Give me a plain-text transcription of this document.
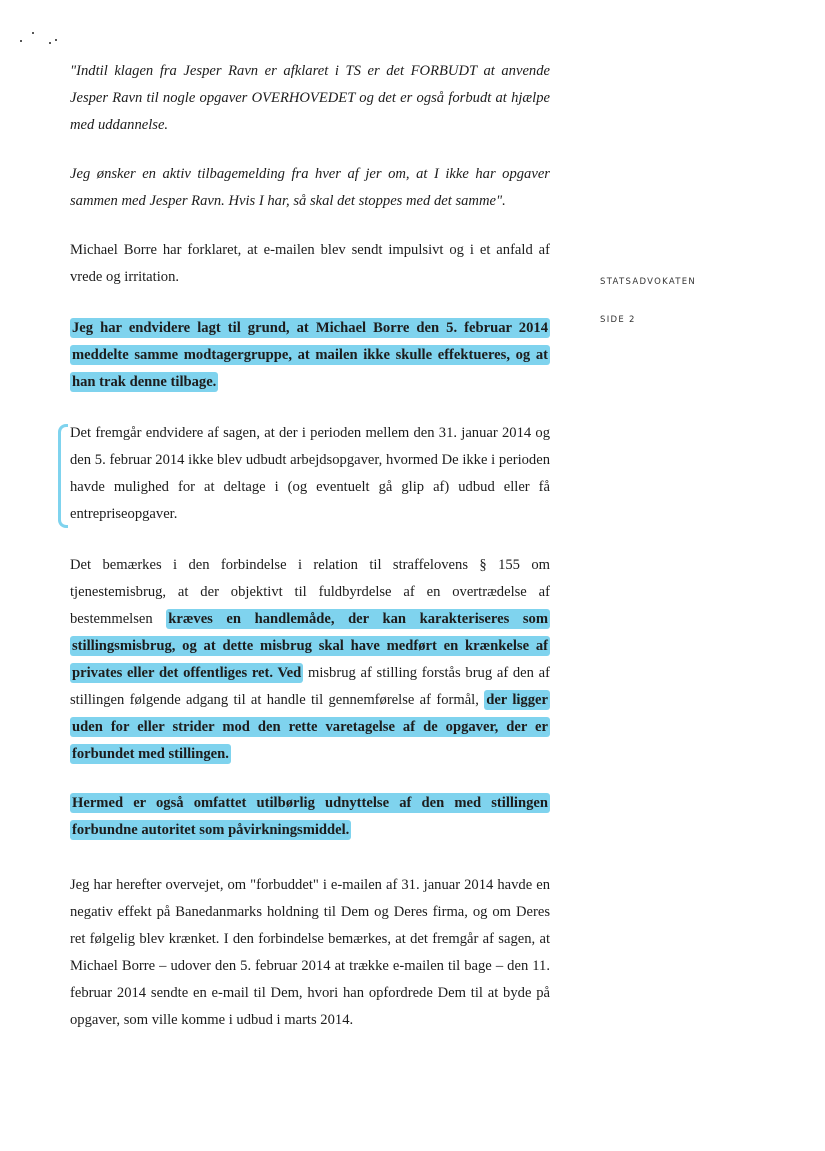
STATSADVOKATEN
SIDE 2

"Indtil klagen fra Jesper Ravn er afklaret i TS er det FORBUDT at anvende Jesper Ravn til nogle opgaver OVERHOVEDET og det er også forbudt at hjælpe med uddannelse.

Jeg ønsker en aktiv tilbagemelding fra hver af jer om, at I ikke har opgaver sammen med Jesper Ravn. Hvis I har, så skal det stoppes med det samme".

Michael Borre har forklaret, at e-mailen blev sendt impulsivt og i et anfald af vrede og irritation.

Jeg har endvidere lagt til grund, at Michael Borre den 5. februar 2014 meddelte samme modtagergruppe, at mailen ikke skulle effektueres, og at han trak denne tilbage.

Det fremgår endvidere af sagen, at der i perioden mellem den 31. januar 2014 og den 5. februar 2014 ikke blev udbudt arbejdsopgaver, hvormed De ikke i perioden havde mulighed for at deltage i (og eventuelt gå glip af) udbud eller få entrepriseopgaver.

Det bemærkes i den forbindelse i relation til straffelovens § 155 om tjenestemisbrug, at der objektivt til fuldbyrdelse af en overtrædelse af bestemmelsen kræves en handlemåde, der kan karakteriseres som stillingsmisbrug, og at dette misbrug skal have medført en krænkelse af privates eller det offentliges ret. Ved misbrug af stilling forstås brug af den af stillingen følgende adgang til at handle til gennemførelse af formål, der ligger uden for eller strider mod den rette varetagelse af de opgaver, der er forbundet med stillingen.

Hermed er også omfattet utilbørlig udnyttelse af den med stillingen forbundne autoritet som påvirkningsmiddel.

Jeg har herefter overvejet, om "forbuddet" i e-mailen af 31. januar 2014 havde en negativ effekt på Banedanmarks holdning til Dem og Deres firma, og om Deres ret følgelig blev krænket. I den forbindelse bemærkes, at det fremgår af sagen, at Michael Borre – udover den 5. februar 2014 at trække e-mailen til bage – den 11. februar 2014 sendte en e-mail til Dem, hvori han opfordrede Dem til at byde på opgaver, som ville komme i udbud i marts 2014.
